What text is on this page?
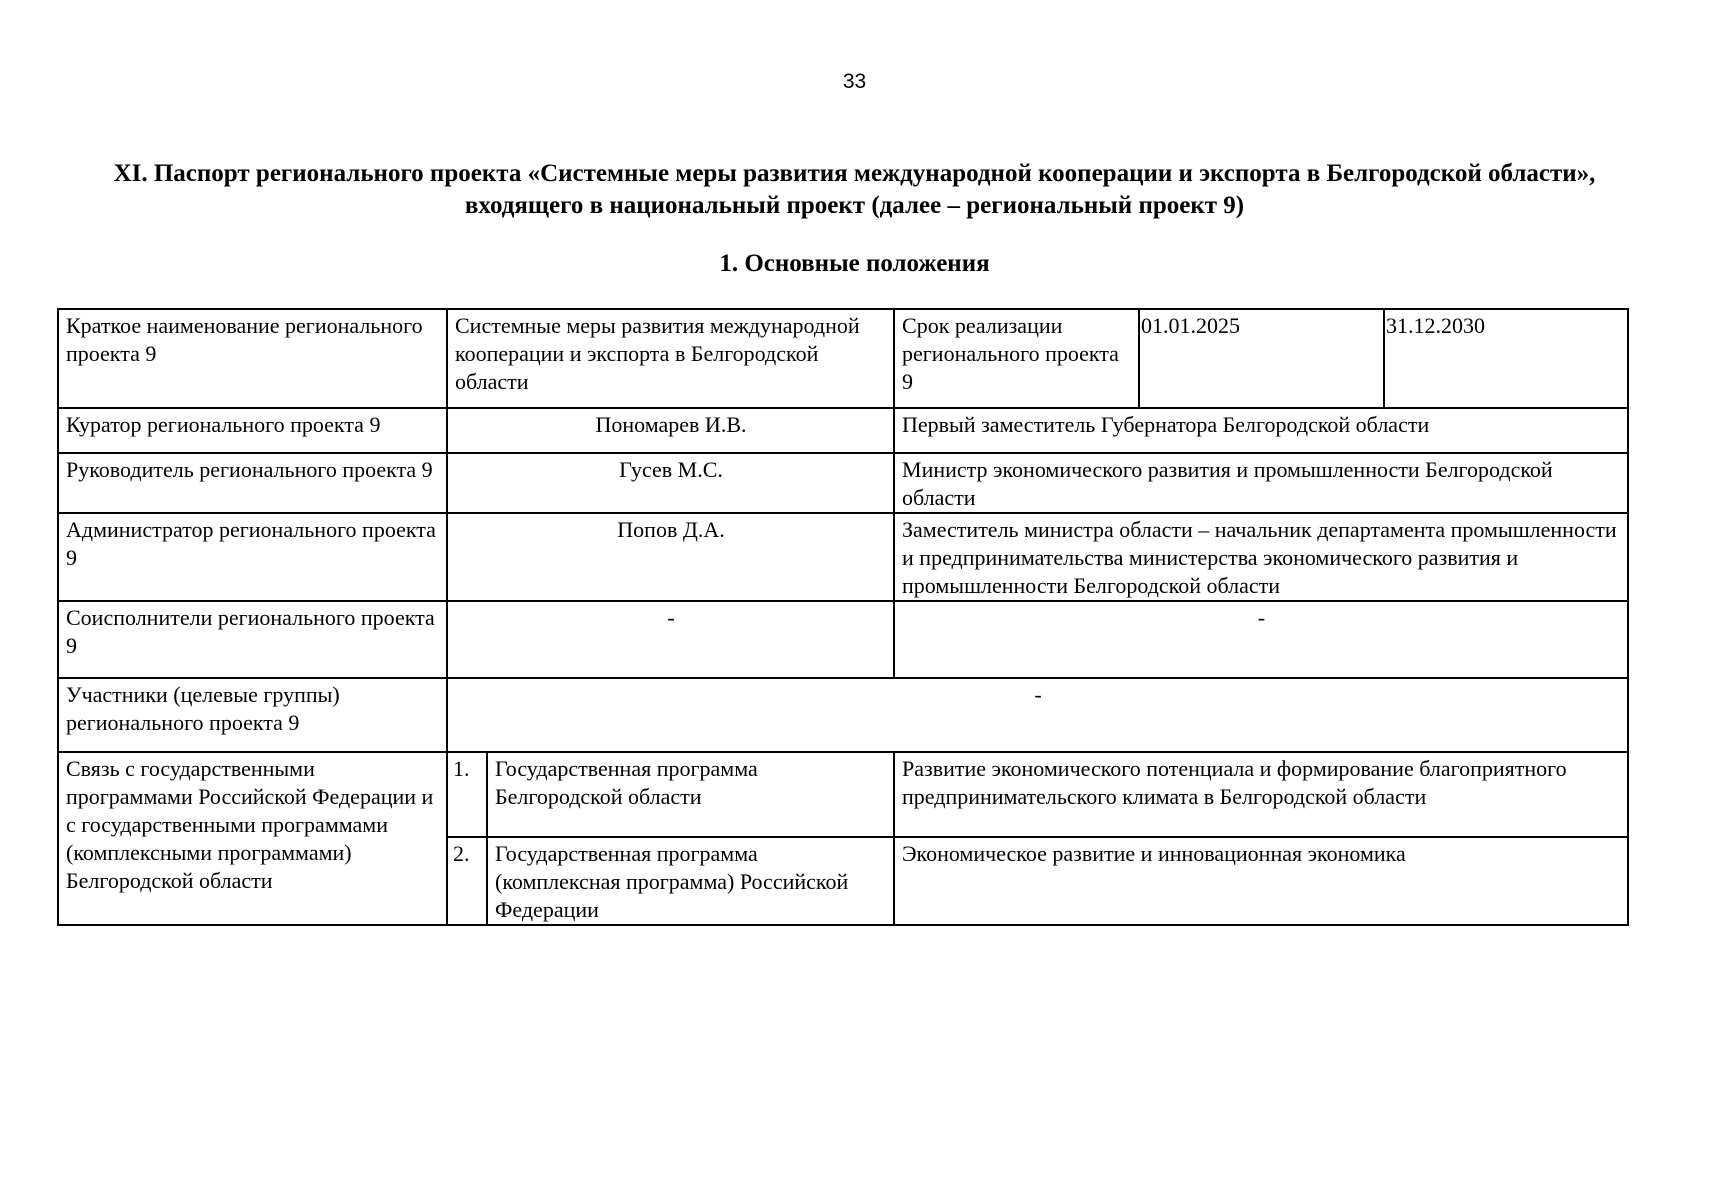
33
XI. Паспорт регионального проекта «Системные меры развития международной кооперации и экспорта в Белгородской области»,
входящего в национальный проект (далее – региональный проект 9)
1. Основные положения
Краткое наименование регионального проекта 9	Системные меры развития международной кооперации и экспорта в Белгородской области		Срок реализации регионального проекта 9	01.01.2025	31.12.2030
Куратор регионального проекта 9	Пономарев И.В.		Первый заместитель Губернатора Белгородской области		
Руководитель регионального проекта 9	Гусев М.С.		Министр экономического развития и промышленности Белгородской области		
Администратор регионального проекта 9	Попов Д.А.		Заместитель министра области – начальник департамента промышленности и предпринимательства министерства экономического развития и промышленности Белгородской области		
Соисполнители регионального проекта 9	-		-		
Участники (целевые группы) регионального проекта 9	-				
Связь с государственными программами Российской Федерации и с государственными программами (комплексными программами) Белгородской области	1.	Государственная программа Белгородской области	Развитие экономического потенциала и формирование благоприятного предпринимательского климата в Белгородской области		
	2.	Государственная программа (комплексная программа) Российской Федерации	Экономическое развитие и инновационная экономика		
